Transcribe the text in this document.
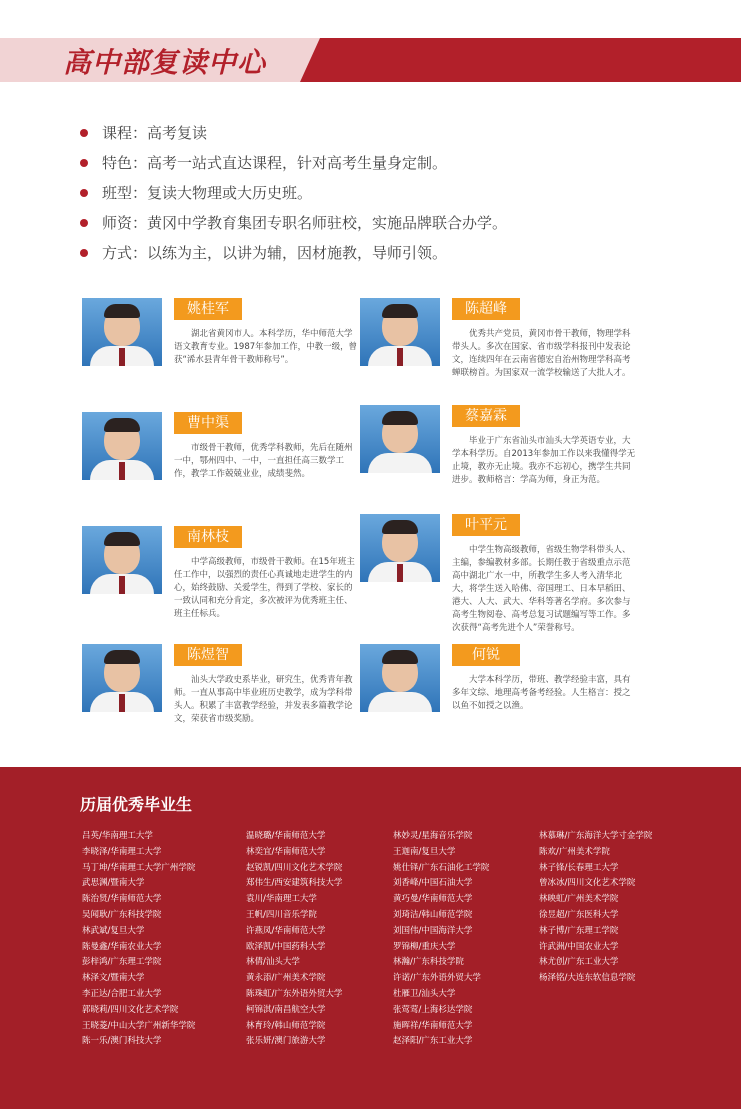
高中部复读中心
课程：高考复读
特色：高考一站式直达课程，针对高考生量身定制。
班型：复读大物理或大历史班。
师资：黄冈中学教育集团专职名师驻校，实施品牌联合办学。
方式：以练为主，以讲为辅，因材施教，导师引领。
姚桂军
湖北省黄冈市人。本科学历，华中师范大学语文教育专业。1987年参加工作，中教一级，曾获“浠水县青年骨干教师称号”。
陈超峰
优秀共产党员，黄冈市骨干教师，物理学科带头人。多次在国家、省市级学科报刊中发表论文，连续四年在云南省德宏自治州物理学科高考蝉联榜首。为国家双一流学校输送了大批人才。
曹中渠
市级骨干教师，优秀学科教师，先后在随州一中，鄂州四中、一中，一直担任高三数学工作，教学工作兢兢业业，成绩斐然。
蔡嘉霖
毕业于广东省汕头市汕头大学英语专业，大学本科学历。自2013年参加工作以来我懂得学无止境，教亦无止境。我亦不忘初心，携学生共同进步。教师格言：学高为师，身正为范。
南林枝
中学高级教师，市级骨干教师。在15年班主任工作中，以强烈的责任心真诚地走进学生的内心，始终鼓励、关爱学生，得到了学校、家长的一致认同和充分肯定，多次被评为优秀班主任、班主任标兵。
叶平元
中学生物高级教师，省级生物学科带头人、主编，参编教材多部。长期任教于省级重点示范高中湖北广水一中，所教学生多人考入清华北大，将学生送入哈佛、帝国理工、日本早稻田、港大、人大、武大、华科等著名学府。多次参与高考生物阅卷、高考总复习试题编写等工作。多次获得“高考先进个人”荣誉称号。
陈煜智
汕头大学政史系毕业，研究生，优秀青年教师。一直从事高中毕业班历史教学，成为学科带头人。积累了丰富教学经验，并发表多篇教学论文，荣获省市级奖励。
何锐
大学本科学历，带班、教学经验丰富，具有多年文综、地理高考备考经验。人生格言：授之以鱼不如授之以渔。
历届优秀毕业生
吕英/华南理工大学
李晓泽/华南理工大学
马丁坤/华南理工大学广州学院
武思渊/暨南大学
陈治贤/华南师范大学
吴闻耿/广东科技学院
林武斌/复旦大学
陈曼鑫/华南农业大学
彭梓鸿/广东理工学院
林泽文/暨南大学
李正达/合肥工业大学
郭晓莉/四川文化艺术学院
王晓菱/中山大学广州新华学院
陈一乐/澳门科技大学
温晓璐/华南师范大学
林奕宜/华南师范大学
赵锐凯/四川文化艺术学院
郑伟生/西安建筑科技大学
袁川/华南理工大学
王帆/四川音乐学院
许燕凤/华南师范大学
欧泽凯/中国药科大学
林倩/汕头大学
黄永添/广州美术学院
陈珠虹/广东外语外贸大学
柯锦淇/南昌航空大学
林育玲/韩山师范学院
张乐妍/澳门旅游大学
林妙灵/星海音乐学院
王迦南/复旦大学
姚仕铎/广东石油化工学院
刘香峰/中国石油大学
黄巧曼/华南师范大学
刘琦洁/韩山师范学院
刘国伟/中国海洋大学
罗锦柳/重庆大学
林瀚/广东科技学院
许诺/广东外语外贸大学
杜雁卫/汕头大学
张莺莺/上海杉达学院
施晖祥/华南师范大学
赵泽阳/广东工业大学
林慕琳/广东海洋大学寸金学院
陈欢/广州美术学院
林子锋/长春理工大学
曾冰冰/四川文化艺术学院
林映虹/广州美术学院
徐昱超/广东医科大学
林子博/广东理工学院
许武洲/中国农业大学
林尤创/广东工业大学
杨泽铭/大连东软信息学院
